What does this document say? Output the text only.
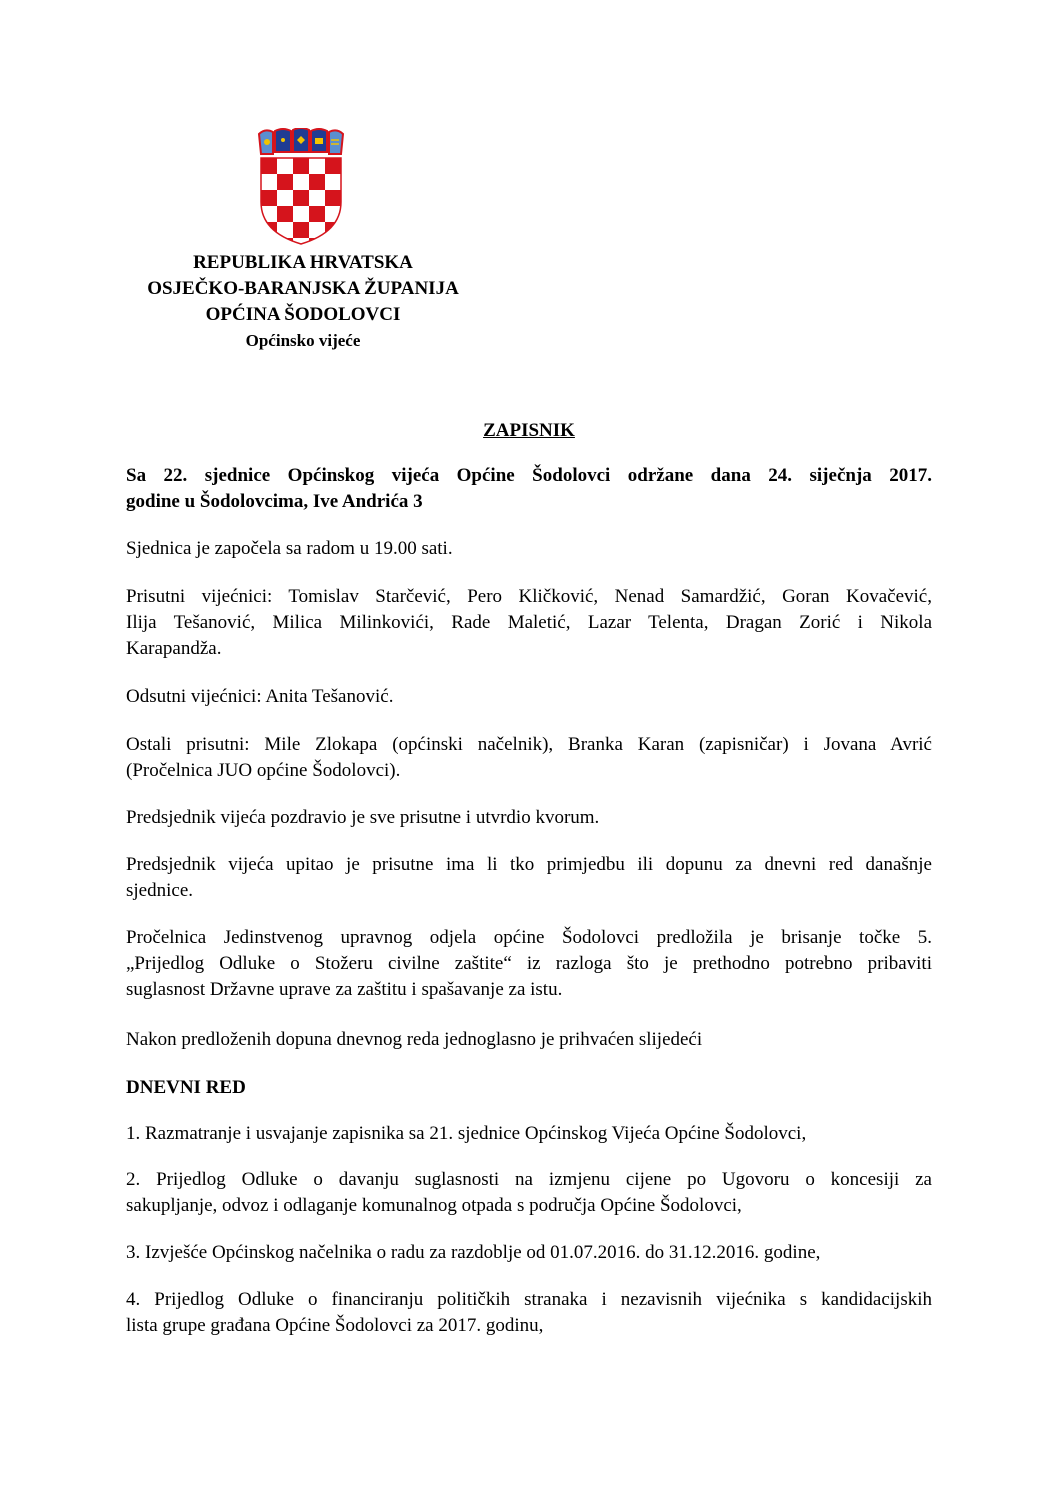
REPUBLIKA HRVATSKA
OSJEČKO-BARANJSKA ŽUPANIJA
OPĆINA ŠODOLOVCI
Općinsko vijeće
ZAPISNIK
Sa 22. sjednice Općinskog vijeća Općine Šodolovci održane dana 24. siječnja 2017.
godine u Šodolovcima, Ive Andrića 3
Sjednica je započela sa radom u 19.00 sati.
Prisutni vijećnici: Tomislav Starčević, Pero Kličković, Nenad Samardžić, Goran Kovačević,
Ilija Tešanović, Milica Milinkovići, Rade Maletić, Lazar Telenta, Dragan Zorić i Nikola
Karapandža.
Odsutni vijećnici: Anita Tešanović.
Ostali prisutni: Mile Zlokapa (općinski načelnik), Branka Karan (zapisničar) i Jovana Avrić
(Pročelnica JUO općine Šodolovci).
Predsjednik vijeća pozdravio je sve prisutne i utvrdio kvorum.
Predsjednik vijeća upitao je prisutne ima li tko primjedbu ili dopunu za dnevni red današnje
sjednice.
Pročelnica Jedinstvenog upravnog odjela općine Šodolovci predložila je brisanje točke 5.
„Prijedlog Odluke o Stožeru civilne zaštite“ iz razloga što je prethodno potrebno pribaviti
suglasnost Državne uprave za zaštitu i spašavanje za istu.
Nakon predloženih dopuna dnevnog reda jednoglasno je prihvaćen slijedeći
DNEVNI RED
1. Razmatranje i usvajanje zapisnika sa 21. sjednice Općinskog Vijeća Općine Šodolovci,
2. Prijedlog Odluke o davanju suglasnosti na izmjenu cijene po Ugovoru o koncesiji za
sakupljanje, odvoz i odlaganje komunalnog otpada s područja Općine Šodolovci,
3. Izvješće Općinskog načelnika o radu za razdoblje od 01.07.2016. do 31.12.2016. godine,
4. Prijedlog Odluke o financiranju političkih stranaka i nezavisnih vijećnika s kandidacijskih
lista grupe građana Općine Šodolovci za 2017. godinu,
